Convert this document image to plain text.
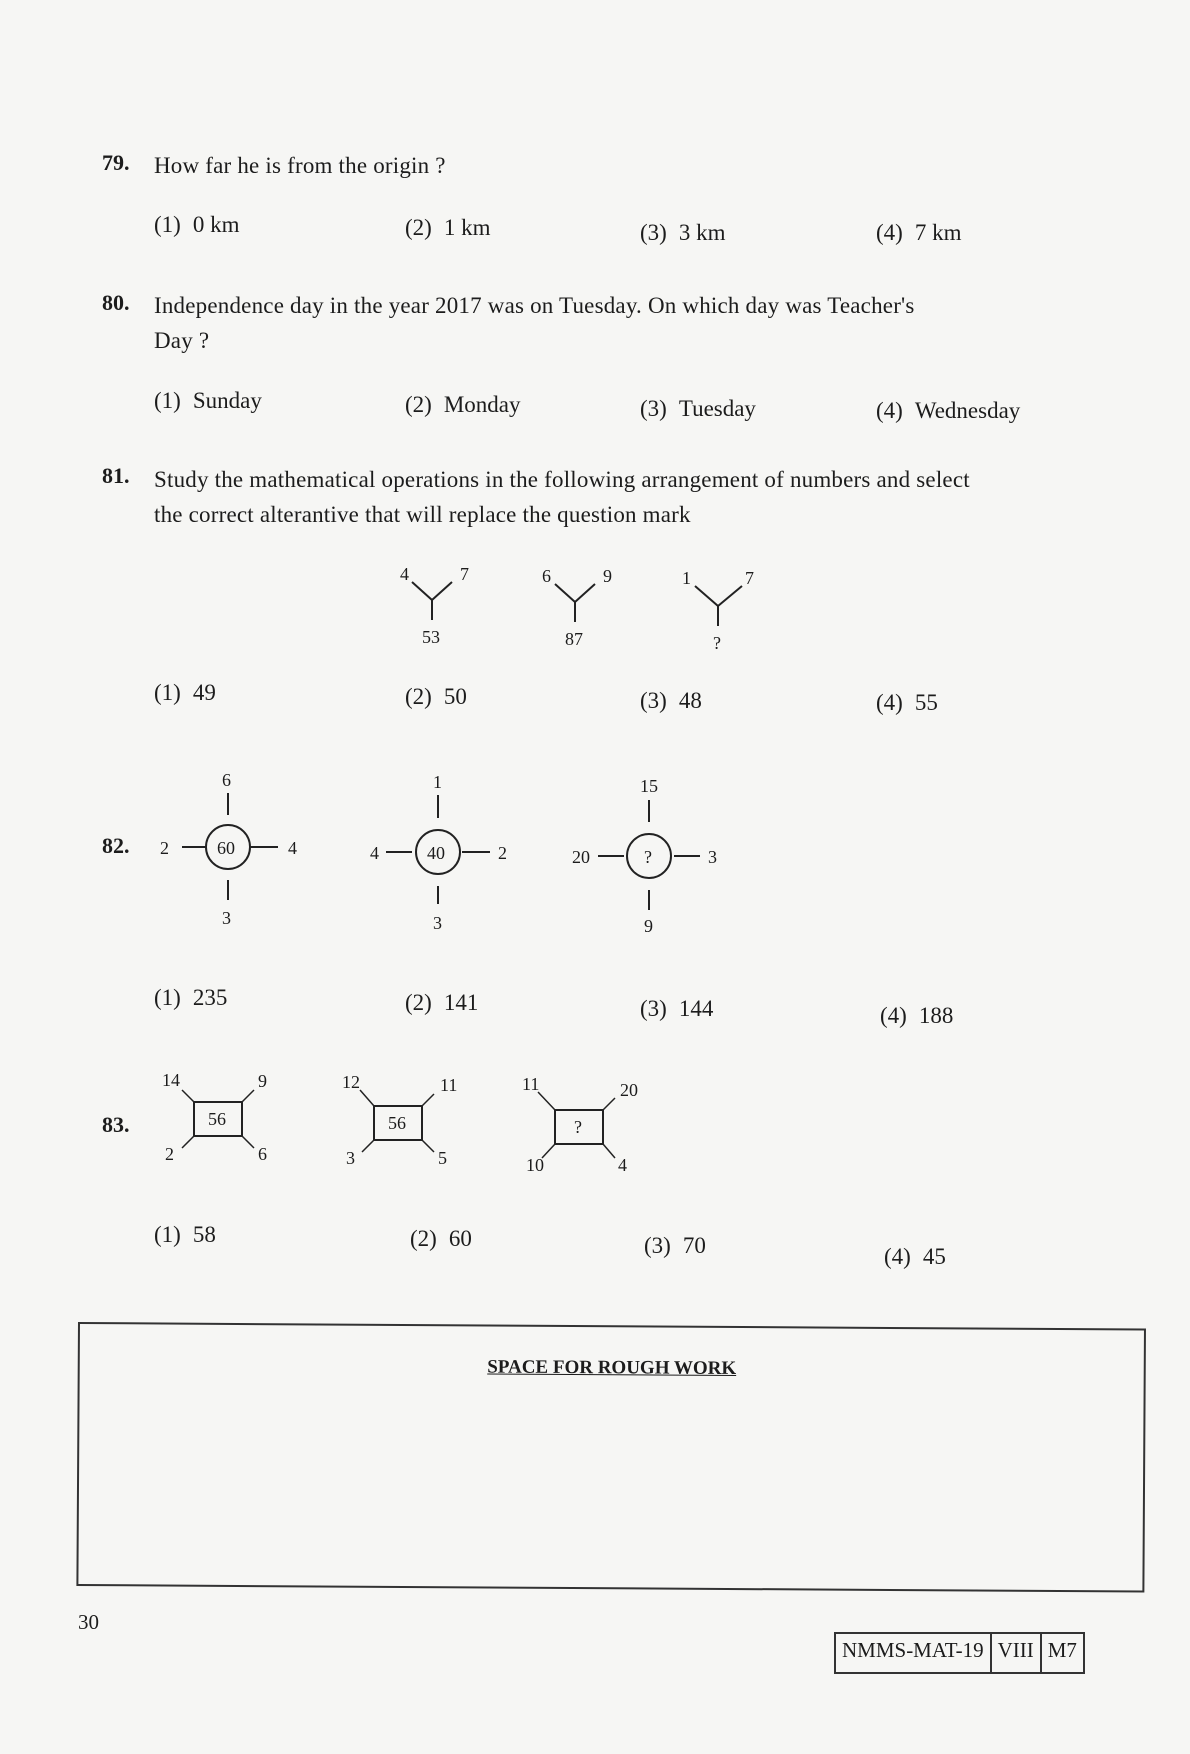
79. How far he is from the origin ?
(1) 0 km	(2) 1 km	(3) 3 km	(4) 7 km
80. Independence day in the year 2017 was on Tuesday. On which day was Teacher's
Day ?
(1) Sunday	(2) Monday	(3) Tuesday	(4) Wednesday
81. Study the mathematical operations in the following arrangement of numbers and select
the correct alterantive that will replace the question mark
4	7
53
6	9
87
1	7
?
(1) 49	(2) 50	(3) 48	(4) 55
82.
6
2	60	4
3
1
4	40	2
3
15
20	?	3
9
(1) 235	(2) 141	(3) 144	(4) 188
83.
14	9
2	6
56
12	11
3	5
56
11	20
10	4
?
(1) 58	(2) 60	(3) 70	(4) 45
SPACE FOR ROUGH WORK
30
NMMS-MAT-19 VIII M7
